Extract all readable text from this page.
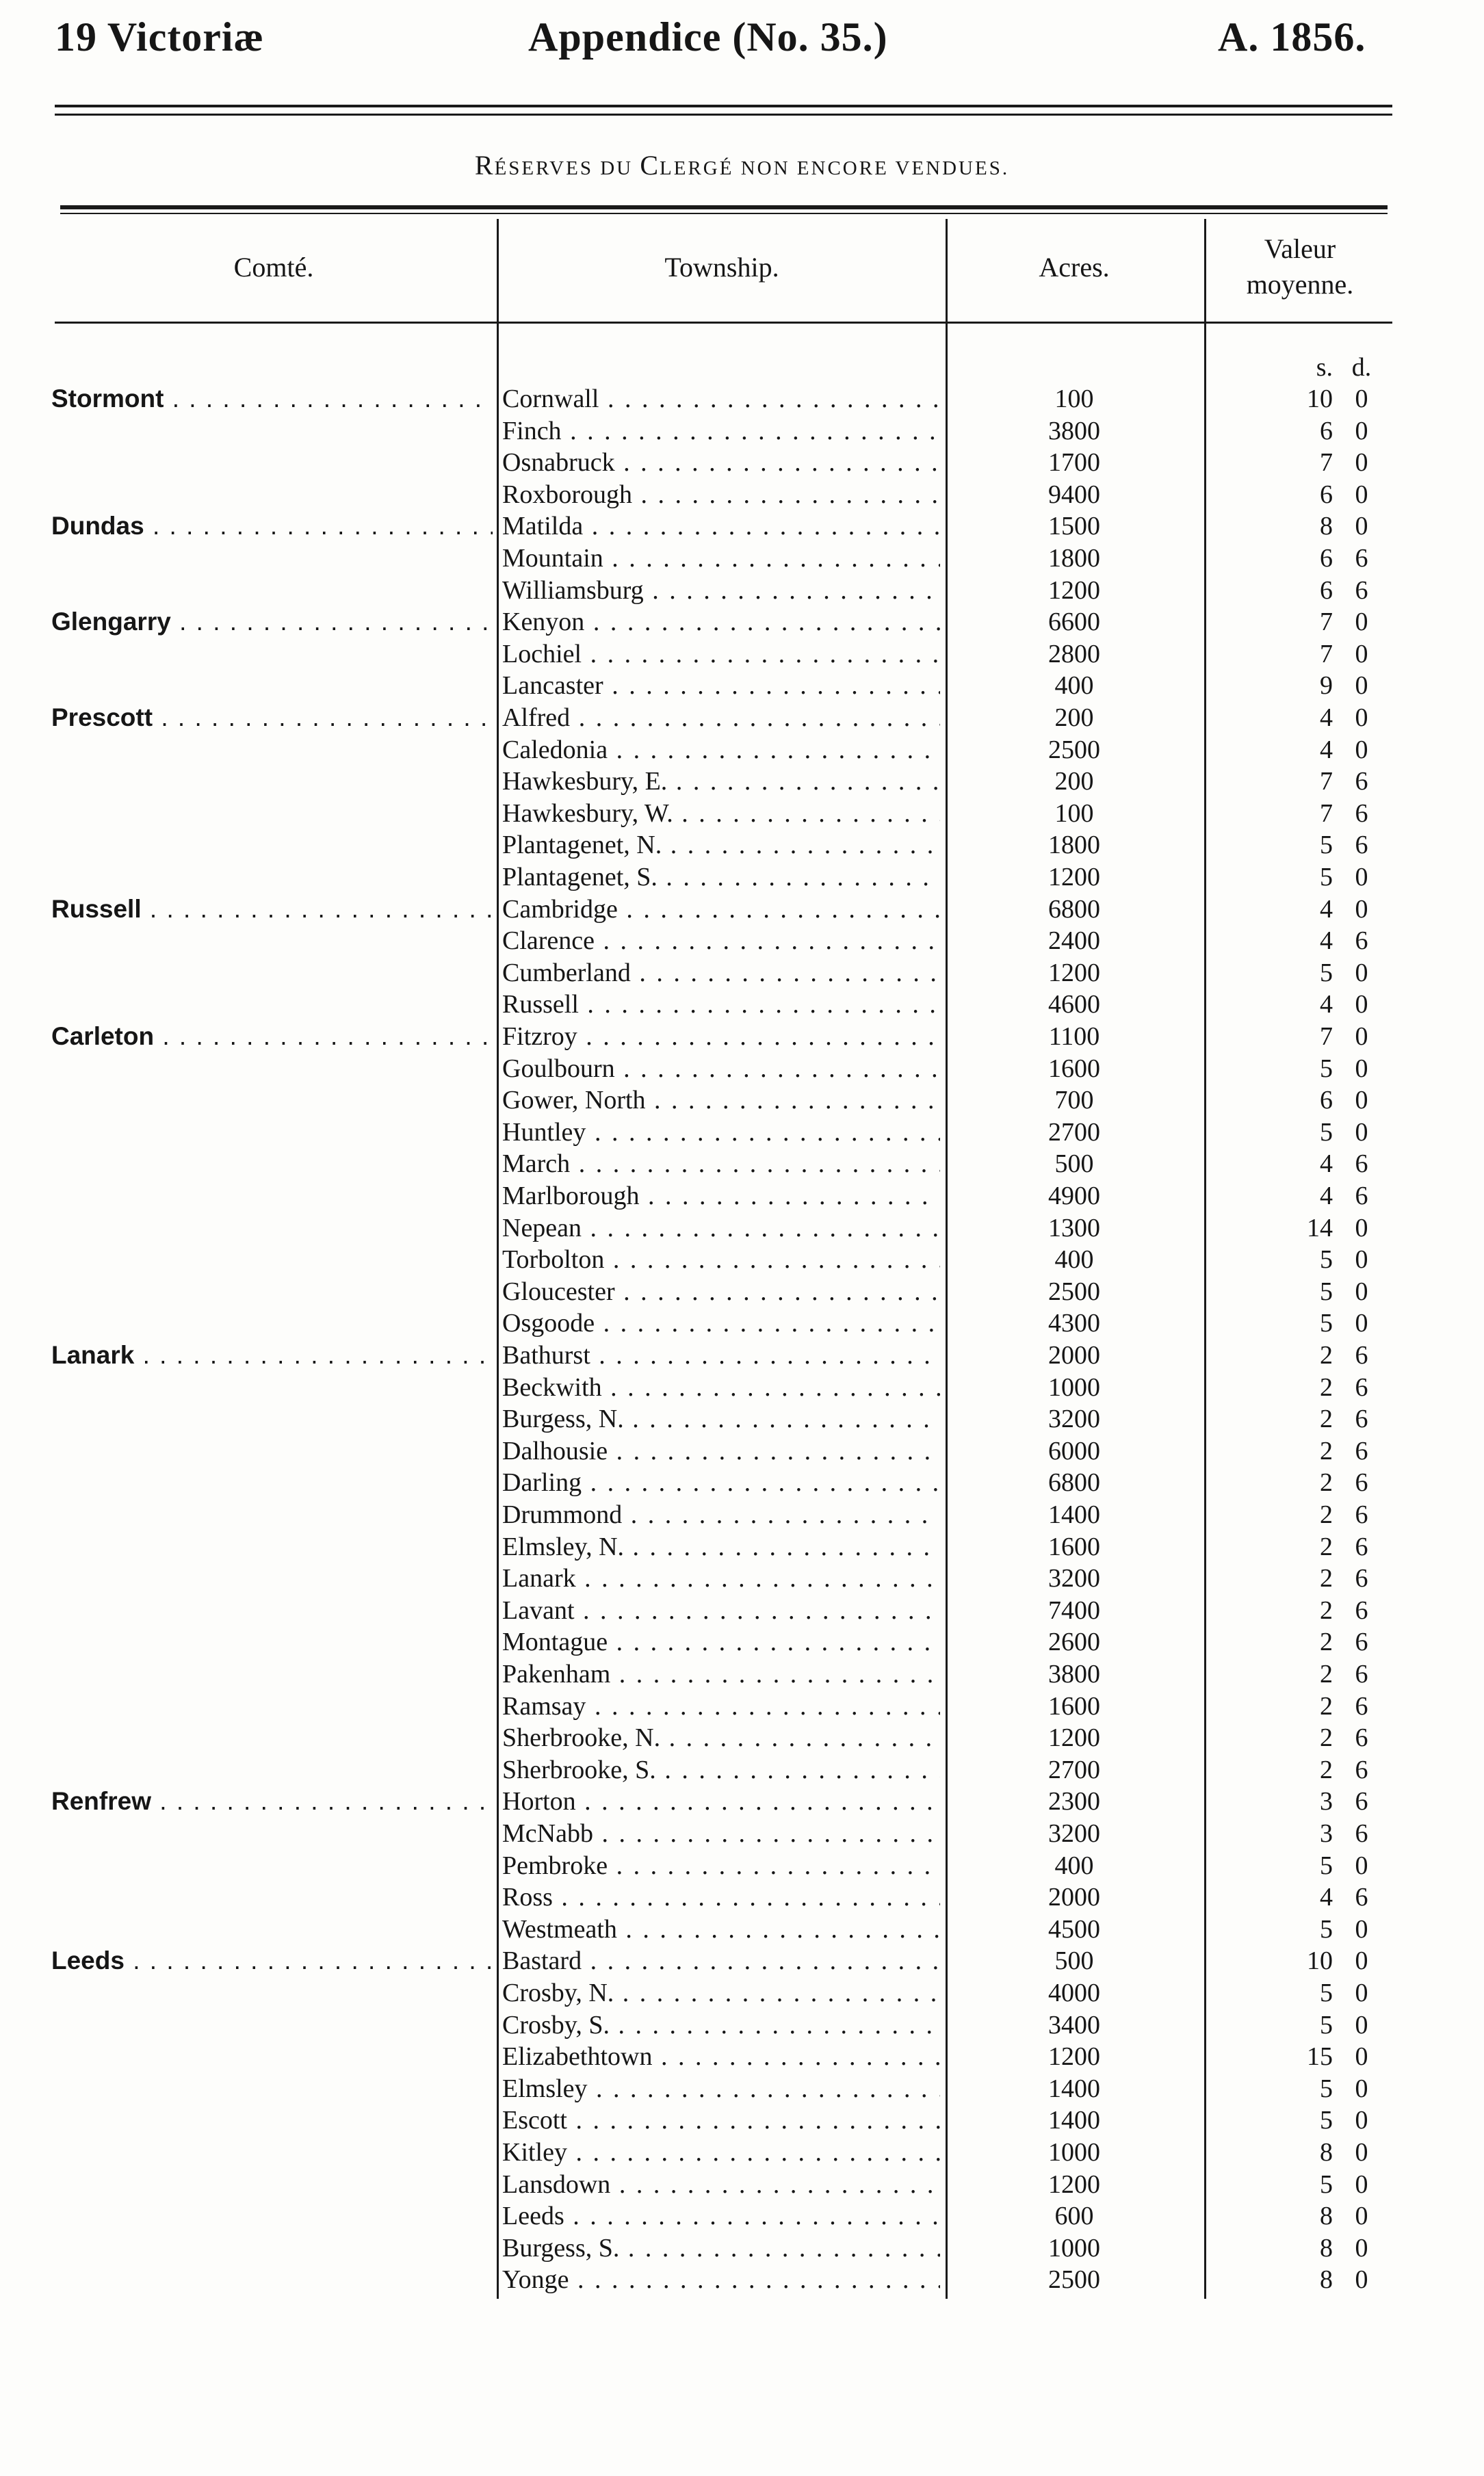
19 Victoriæ	Appendice (No. 35.)	A. 1856.
RÉSERVES DU CLERGÉ NON ENCORE VENDUES.
Comté.	Township.	Acres.
Valeur
moyenne.
s. d.
Stormont . . .	Cornwall . . .	100	10 0
Finch . . .	3800	6 0
Osnabruck . . .	1700	7 0
Roxborough . . .	9400	6 0
Dundas . . .	Matilda . . .	1500	8 0
Mountain . . .	1800	6 6
Williamsburg . . .	1200	6 6
Glengarry . . .	Kenyon . . .	6600	7 0
Lochiel . . .	2800	7 0
Lancaster . . .	400	9 0
Prescott . . .	Alfred . . .	200	4 0
Caledonia . . .	2500	4 0
Hawkesbury, E. . . .	200	7 6
Hawkesbury, W. . . .	100	7 6
Plantagenet, N. . . .	1800	5 6
Plantagenet, S. . . .	1200	5 0
Russell . . .	Cambridge . . .	6800	4 0
Clarence . . .	2400	4 6
Cumberland . . .	1200	5 0
Russell . . .	4600	4 0
Carleton . . .	Fitzroy . . .	1100	7 0
Goulbourn . . .	1600	5 0
Gower, North . . .	700	6 0
Huntley . . .	2700	5 0
March . . .	500	4 6
Marlborough . . .	4900	4 6
Nepean . . .	1300	14 0
Torbolton . . .	400	5 0
Gloucester . . .	2500	5 0
Osgoode . . .	4300	5 0
Lanark . . .	Bathurst . . .	2000	2 6
Beckwith . . .	1000	2 6
Burgess, N. . . .	3200	2 6
Dalhousie . . .	6000	2 6
Darling . . .	6800	2 6
Drummond . . .	1400	2 6
Elmsley, N. . . .	1600	2 6
Lanark . . .	3200	2 6
Lavant . . .	7400	2 6
Montague . . .	2600	2 6
Pakenham . . .	3800	2 6
Ramsay . . .	1600	2 6
Sherbrooke, N. . . .	1200	2 6
Sherbrooke, S. . . .	2700	2 6
Renfrew . . .	Horton . . .	2300	3 6
McNabb . . .	3200	3 6
Pembroke . . .	400	5 0
Ross . . .	2000	4 6
Westmeath . . .	4500	5 0
Leeds . . .	Bastard . . .	500	10 0
Crosby, N. . . .	4000	5 0
Crosby, S. . . .	3400	5 0
Elizabethtown . . .	1200	15 0
Elmsley . . .	1400	5 0
Escott . . .	1400	5 0
Kitley . . .	1000	8 0
Lansdown . . .	1200	5 0
Leeds . . .	600	8 0
Burgess, S. . . .	1000	8 0
Yonge . . .	2500	8 0
